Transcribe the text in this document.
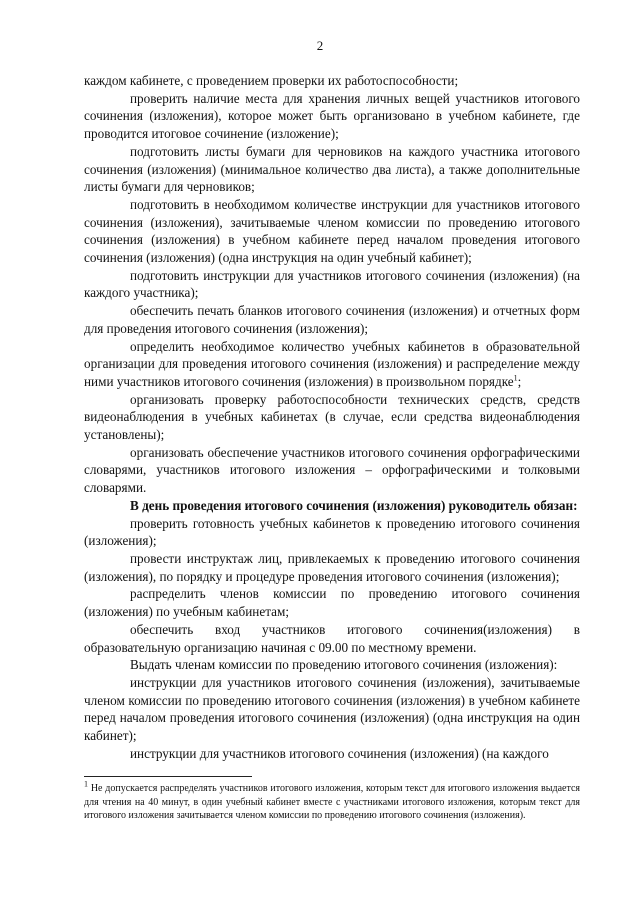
2

каждом кабинете, с проведением проверки их работоспособности;

проверить наличие места для хранения личных вещей участников итогового сочинения (изложения), которое может быть организовано в учебном кабинете, где проводится итоговое сочинение (изложение);

подготовить листы бумаги для черновиков на каждого участника итогового сочинения (изложения) (минимальное количество два листа), а также дополнительные листы бумаги для черновиков;

подготовить в необходимом количестве инструкции для участников итогового сочинения (изложения), зачитываемые членом комиссии по проведению итогового сочинения (изложения) в учебном кабинете перед началом проведения итогового сочинения (изложения) (одна инструкция на один учебный кабинет);

подготовить инструкции для участников итогового сочинения (изложения) (на каждого участника);

обеспечить печать бланков итогового сочинения (изложения) и отчетных форм для проведения итогового сочинения (изложения);

определить необходимое количество учебных кабинетов в образовательной организации для проведения итогового сочинения (изложения) и распределение между ними участников итогового сочинения (изложения) в произвольном порядке$^1$;

организовать проверку работоспособности технических средств, средств видеонаблюдения в учебных кабинетах (в случае, если средства видеонаблюдения установлены);

организовать обеспечение участников итогового сочинения орфографическими словарями, участников итогового изложения – орфографическими и толковыми словарями.

В день проведения итогового сочинения (изложения) руководитель обязан:

проверить готовность учебных кабинетов к проведению итогового сочинения (изложения);

провести инструктаж лиц, привлекаемых к проведению итогового сочинения (изложения), по порядку и процедуре проведения итогового сочинения (изложения);

распределить членов комиссии по проведению итогового сочинения (изложения) по учебным кабинетам;

обеспечить вход участников итогового сочинения(изложения) в образовательную организацию начиная с 09.00 по местному времени.

Выдать членам комиссии по проведению итогового сочинения (изложения):

инструкции для участников итогового сочинения (изложения), зачитываемые членом комиссии по проведению итогового сочинения (изложения) в учебном кабинете перед началом проведения итогового сочинения (изложения) (одна инструкция на один кабинет);

инструкции для участников итогового сочинения (изложения) (на каждого

$^1$ Не допускается распределять участников итогового изложения, которым текст для итогового изложения выдается для чтения на 40 минут, в один учебный кабинет вместе с участниками итогового изложения, которым текст для итогового изложения зачитывается членом комиссии по проведению итогового сочинения (изложения).
